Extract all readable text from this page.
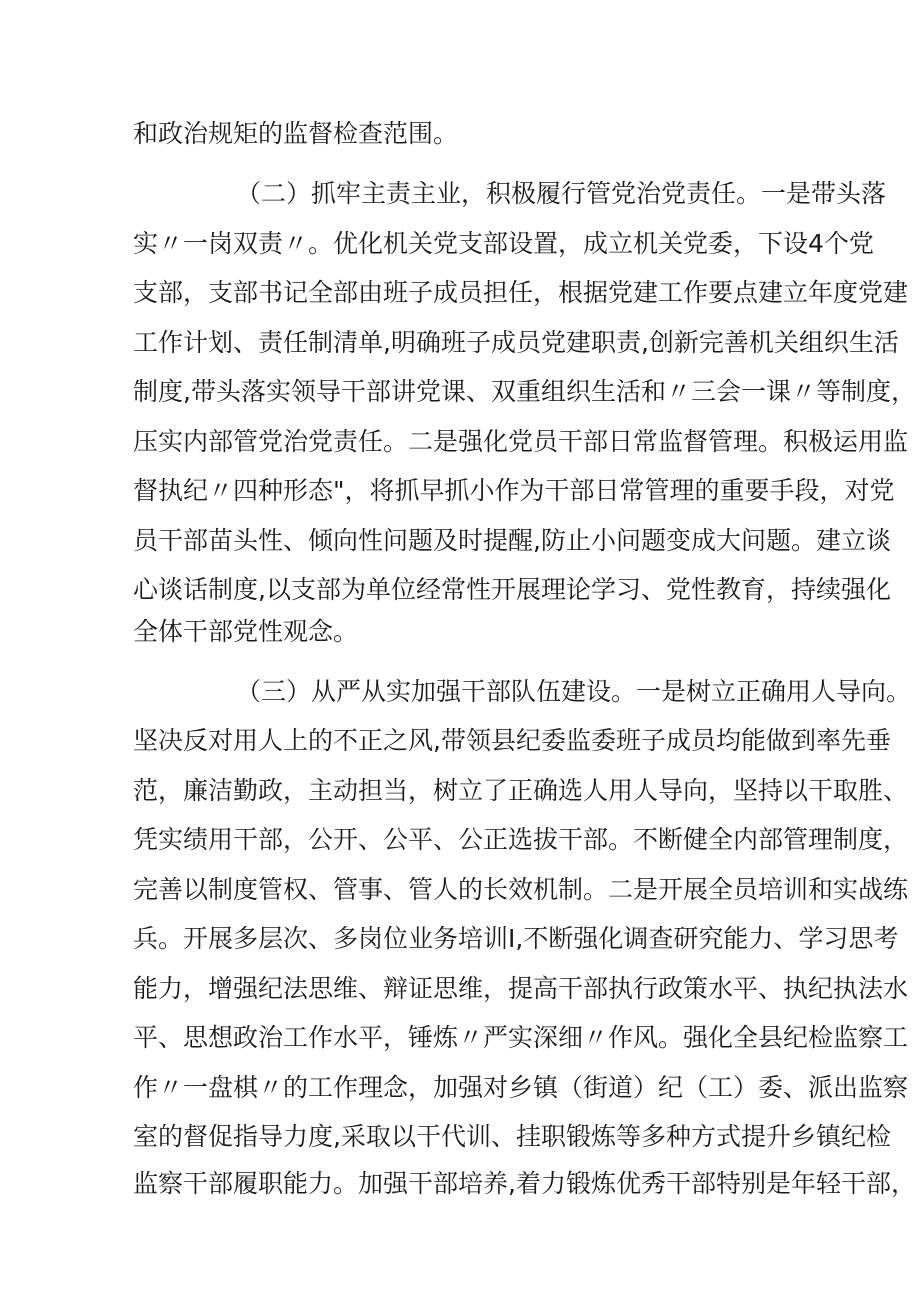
和政治规矩的监督检查范围。
（二）抓牢主责主业，积极履行管党治党责任。一是带头落
实〃一岗双责〃。优化机关党支部设置，成立机关党委，下设4个党
支部，支部书记全部由班子成员担任，根据党建工作要点建立年度党建
工作计划、责任制清单,明确班子成员党建职责,创新完善机关组织生活
制度,带头落实领导干部讲党课、双重组织生活和〃三会一课〃等制度，
压实内部管党治党责任。二是强化党员干部日常监督管理。积极运用监
督执纪〃四种形态"，将抓早抓小作为干部日常管理的重要手段，对党
员干部苗头性、倾向性问题及时提醒,防止小问题变成大问题。建立谈
心谈话制度,以支部为单位经常性开展理论学习、党性教育，持续强化
全体干部党性观念。
（三）从严从实加强干部队伍建设。一是树立正确用人导向。
坚决反对用人上的不正之风,带领县纪委监委班子成员均能做到率先垂
范，廉洁勤政，主动担当，树立了正确选人用人导向，坚持以干取胜、
凭实绩用干部，公开、公平、公正选拔干部。不断健全内部管理制度，
完善以制度管权、管事、管人的长效机制。二是开展全员培训和实战练
兵。开展多层次、多岗位业务培训I,不断强化调查研究能力、学习思考
能力，增强纪法思维、辩证思维，提高干部执行政策水平、执纪执法水
平、思想政治工作水平，锤炼〃严实深细〃作风。强化全县纪检监察工
作〃一盘棋〃的工作理念，加强对乡镇（街道）纪（工）委、派出监察
室的督促指导力度,采取以干代训、挂职锻炼等多种方式提升乡镇纪检
监察干部履职能力。加强干部培养,着力锻炼优秀干部特别是年轻干部，
